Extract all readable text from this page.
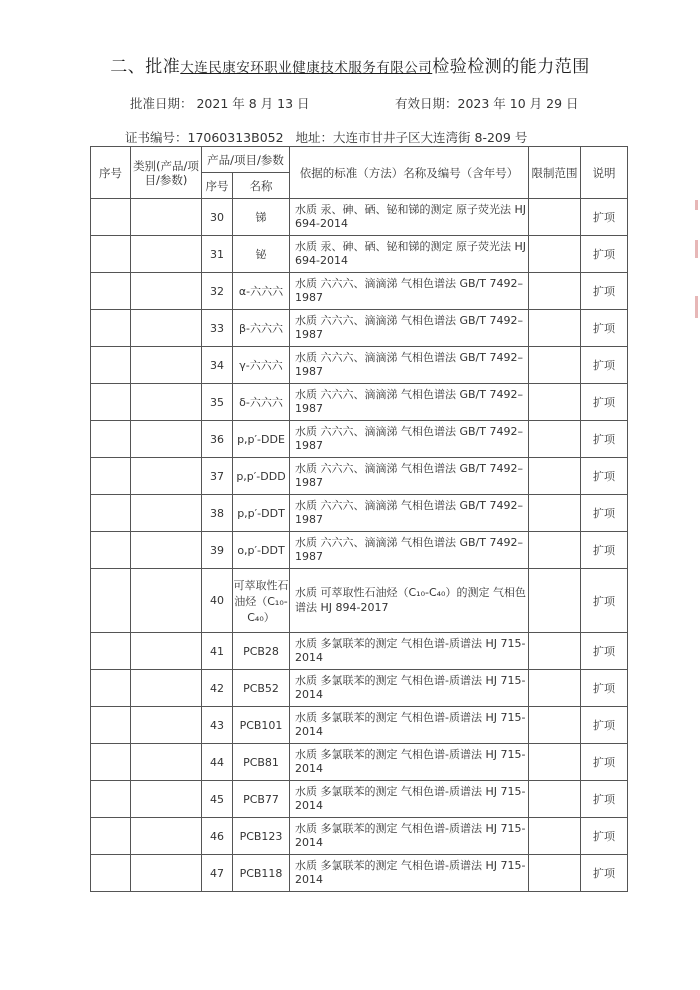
二、批准大连民康安环职业健康技术服务有限公司检验检测的能力范围
批准日期： 2021 年 8 月 13 日	有效日期：2023 年 10 月 29 日
证书编号：17060313B052 地址：大连市甘井子区大连湾街 8-209 号
序号	类别(产品/项目/参数)	产品/项目/参数		依据的标准（方法）名称及编号（含年号）	限制范围	说明
		序号	名称			
		30	锑	水质 汞、砷、硒、铋和锑的测定 原子荧光法 HJ 694-2014		扩项
		31	铋	水质 汞、砷、硒、铋和锑的测定 原子荧光法 HJ 694-2014		扩项
		32	α-六六六	水质 六六六、滴滴涕 气相色谱法 GB/T 7492–1987		扩项
		33	β-六六六	水质 六六六、滴滴涕 气相色谱法 GB/T 7492–1987		扩项
		34	γ-六六六	水质 六六六、滴滴涕 气相色谱法 GB/T 7492–1987		扩项
		35	δ-六六六	水质 六六六、滴滴涕 气相色谱法 GB/T 7492–1987		扩项
		36	p,p′-DDE	水质 六六六、滴滴涕 气相色谱法 GB/T 7492–1987		扩项
		37	p,p′-DDD	水质 六六六、滴滴涕 气相色谱法 GB/T 7492–1987		扩项
		38	p,p′-DDT	水质 六六六、滴滴涕 气相色谱法 GB/T 7492–1987		扩项
		39	o,p′-DDT	水质 六六六、滴滴涕 气相色谱法 GB/T 7492–1987		扩项
		40	可萃取性石油烃（C₁₀-C₄₀）	水质 可萃取性石油烃（C₁₀-C₄₀）的测定 气相色谱法 HJ 894-2017		扩项
		41	PCB28	水质 多氯联苯的测定 气相色谱-质谱法 HJ 715-2014		扩项
		42	PCB52	水质 多氯联苯的测定 气相色谱-质谱法 HJ 715-2014		扩项
		43	PCB101	水质 多氯联苯的测定 气相色谱-质谱法 HJ 715-2014		扩项
		44	PCB81	水质 多氯联苯的测定 气相色谱-质谱法 HJ 715-2014		扩项
		45	PCB77	水质 多氯联苯的测定 气相色谱-质谱法 HJ 715-2014		扩项
		46	PCB123	水质 多氯联苯的测定 气相色谱-质谱法 HJ 715-2014		扩项
		47	PCB118	水质 多氯联苯的测定 气相色谱-质谱法 HJ 715-2014		扩项
